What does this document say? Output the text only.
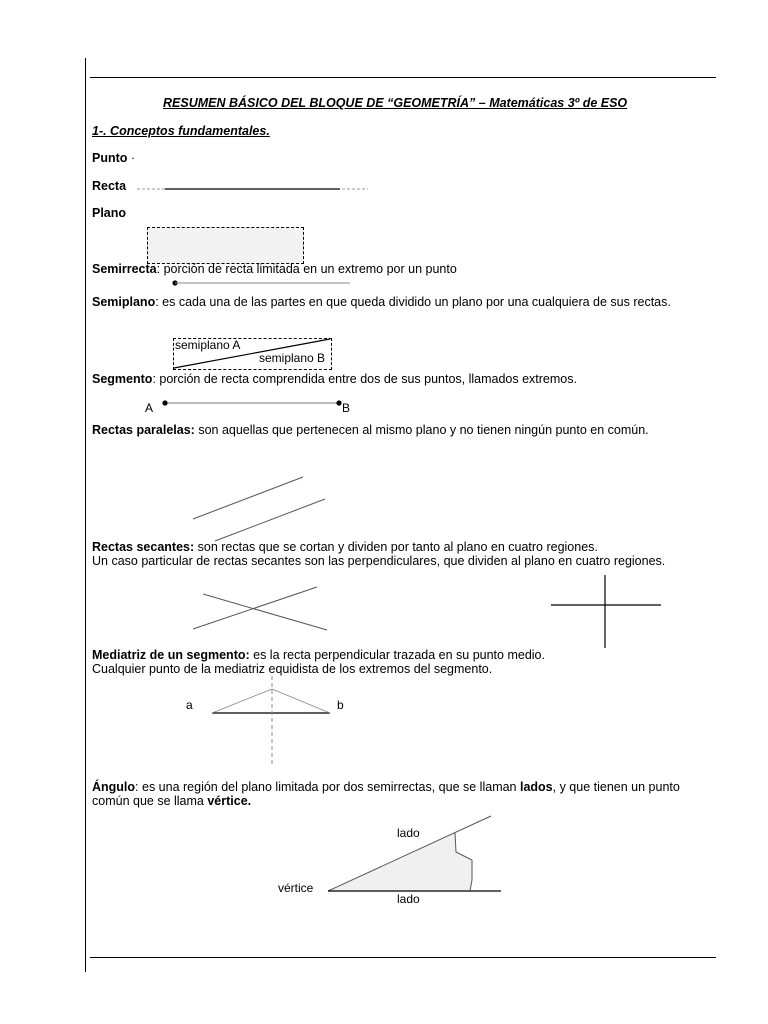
RESUMEN BÁSICO DEL BLOQUE DE “GEOMETRÍA” – Matemáticas 3º de ESO
1-. Conceptos fundamentales.
Punto ·
Recta
Plano
Semirrecta: porción de recta limitada en un extremo por un punto
Semiplano: es cada una de las partes en que queda dividido un plano por una cualquiera de sus rectas.
semiplano A
semiplano B
Segmento: porción de recta comprendida entre dos de sus puntos, llamados extremos.
A	B
Rectas paralelas: son aquellas que pertenecen al mismo plano y no tienen ningún punto en común.
Rectas secantes: son rectas que se cortan y dividen por tanto al plano en cuatro regiones.
Un caso particular de rectas secantes son las perpendiculares, que dividen al plano en cuatro regiones.
Mediatriz de un segmento: es la recta perpendicular trazada en su punto medio.
Cualquier punto de la mediatriz equidista de los extremos del segmento.
a	b
Ángulo: es una región del plano limitada por dos semirrectas, que se llaman lados, y que tienen un punto
común que se llama vértice.
lado
vértice
lado
